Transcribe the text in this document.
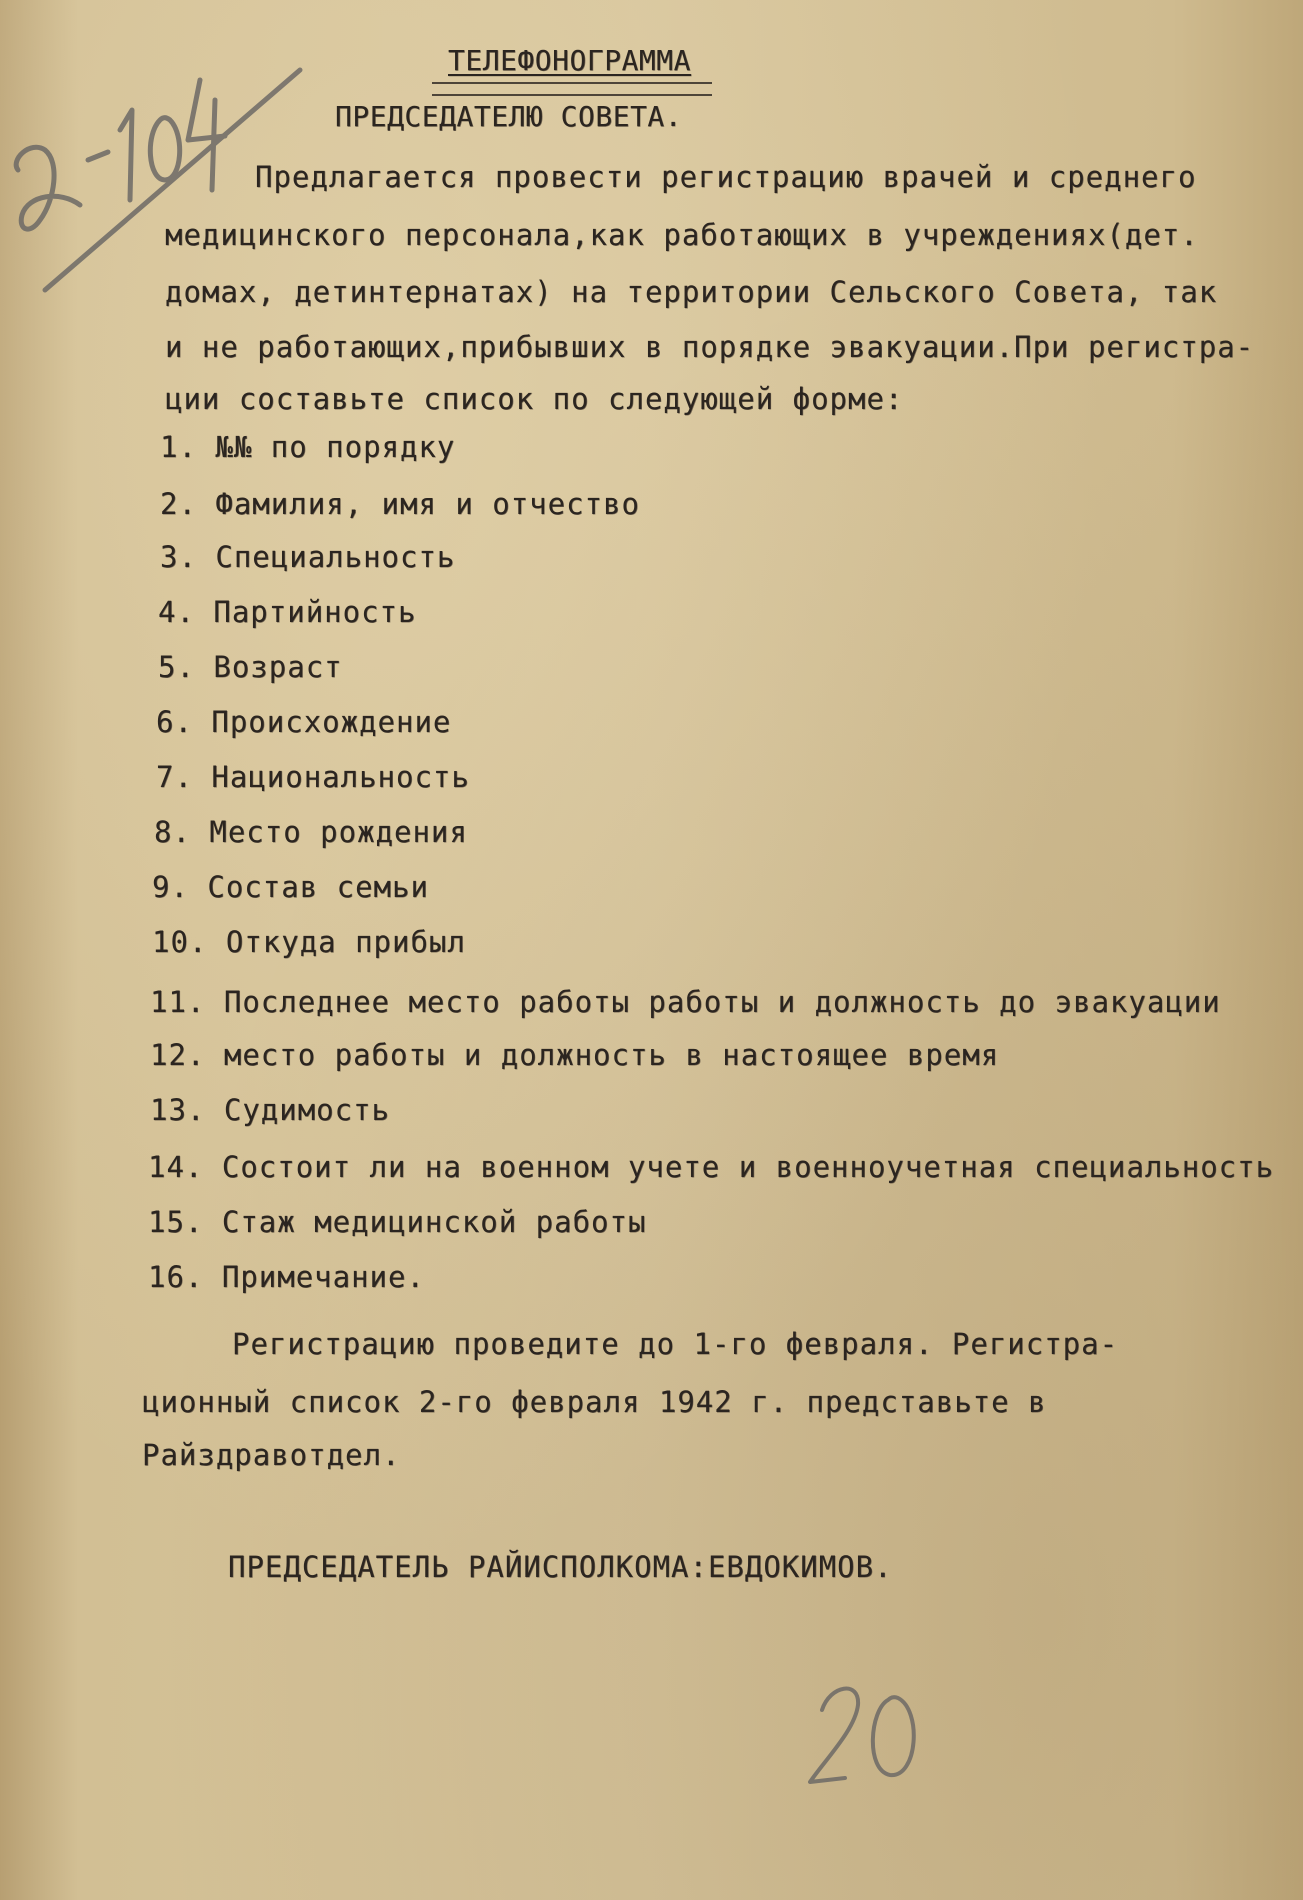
ТЕЛЕФОНОГРАММА
ПРЕДСЕДАТЕЛЮ СОВЕТА.
Предлагается провести регистрацию врачей и среднего
медицинского персонала,как работающих в учреждениях(дет.
домах, детинтернатах) на территории Сельского Совета, так
и не работающих,прибывших в порядке эвакуации.При регистра-
ции составьте список по следующей форме:
1. №№ по порядку
2. Фамилия, имя и отчество
3. Специальность
4. Партийность
5. Возраст
6. Происхождение
7. Национальность
8. Место рождения
9. Состав семьи
10. Откуда прибыл
11. Последнее место работы работы и должность до эвакуации
12. место работы и должность в настоящее время
13. Судимость
14. Состоит ли на военном учете и военноучетная специальность
15. Стаж медицинской работы
16. Примечание.
Регистрацию проведите до 1-го февраля. Регистра-
ционный список 2-го февраля 1942 г. представьте в
Райздравотдел.
ПРЕДСЕДАТЕЛЬ РАЙИСПОЛКОМА:ЕВДОКИМОВ.
